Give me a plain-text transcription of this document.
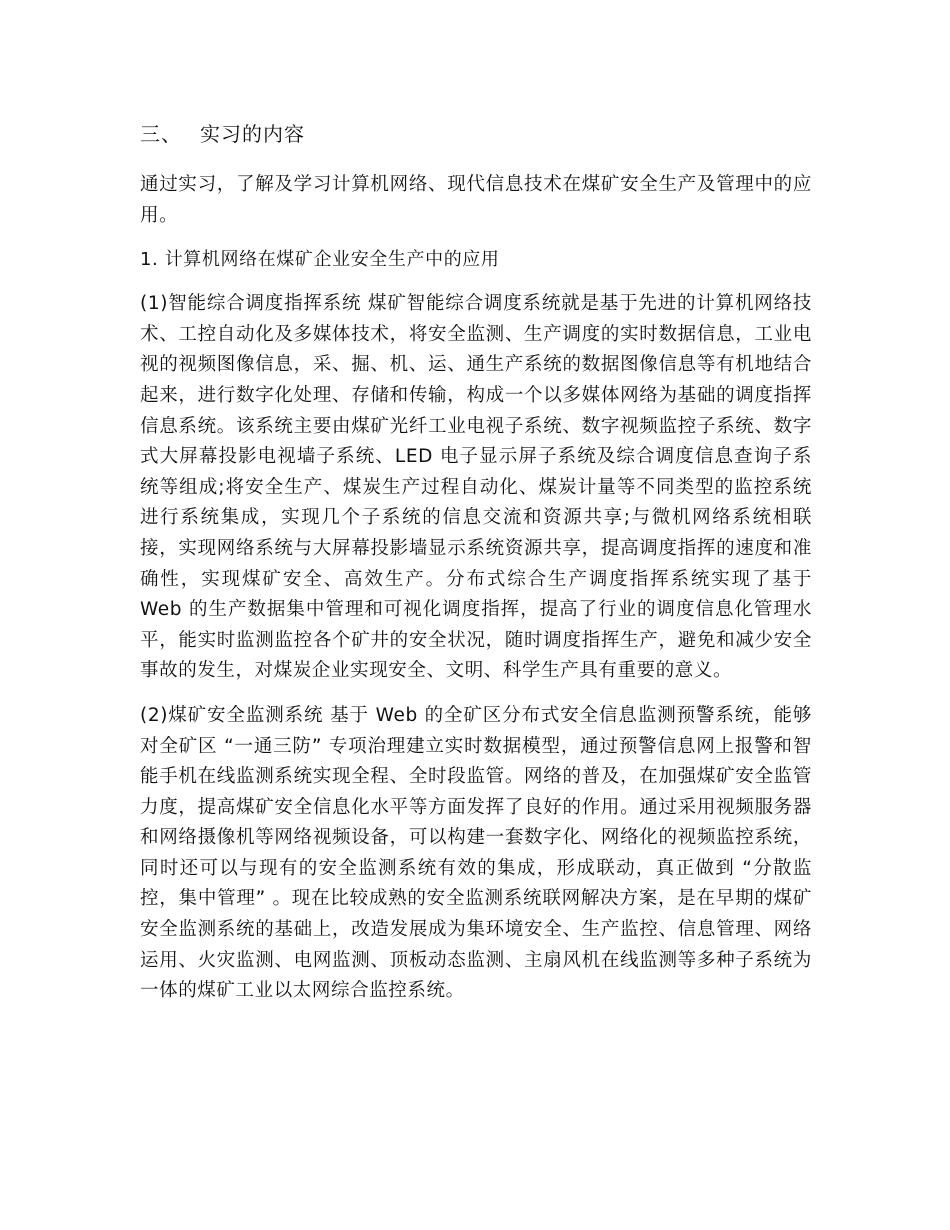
三、 实习的内容

通过实习，了解及学习计算机网络、现代信息技术在煤矿安全生产及管理中的应用。

1. 计算机网络在煤矿企业安全生产中的应用

(1)智能综合调度指挥系统 煤矿智能综合调度系统就是基于先进的计算机网络技术、工控自动化及多媒体技术，将安全监测、生产调度的实时数据信息，工业电视的视频图像信息，采、掘、机、运、通生产系统的数据图像信息等有机地结合起来，进行数字化处理、存储和传输，构成一个以多媒体网络为基础的调度指挥信息系统。该系统主要由煤矿光纤工业电视子系统、数字视频监控子系统、数字式大屏幕投影电视墙子系统、LED 电子显示屏子系统及综合调度信息查询子系统等组成;将安全生产、煤炭生产过程自动化、煤炭计量等不同类型的监控系统进行系统集成，实现几个子系统的信息交流和资源共享;与微机网络系统相联接，实现网络系统与大屏幕投影墙显示系统资源共享，提高调度指挥的速度和准确性，实现煤矿安全、高效生产。分布式综合生产调度指挥系统实现了基于 Web 的生产数据集中管理和可视化调度指挥，提高了行业的调度信息化管理水平，能实时监测监控各个矿井的安全状况，随时调度指挥生产，避免和减少安全事故的发生，对煤炭企业实现安全、文明、科学生产具有重要的意义。

(2)煤矿安全监测系统 基于 Web 的全矿区分布式安全信息监测预警系统，能够对全矿区 “一通三防” 专项治理建立实时数据模型，通过预警信息网上报警和智能手机在线监测系统实现全程、全时段监管。网络的普及，在加强煤矿安全监管力度，提高煤矿安全信息化水平等方面发挥了良好的作用。通过采用视频服务器和网络摄像机等网络视频设备，可以构建一套数字化、网络化的视频监控系统，同时还可以与现有的安全监测系统有效的集成，形成联动，真正做到 “分散监控，集中管理” 。现在比较成熟的安全监测系统联网解决方案，是在早期的煤矿安全监测系统的基础上，改造发展成为集环境安全、生产监控、信息管理、网络运用、火灾监测、电网监测、顶板动态监测、主扇风机在线监测等多种子系统为一体的煤矿工业以太网综合监控系统。
